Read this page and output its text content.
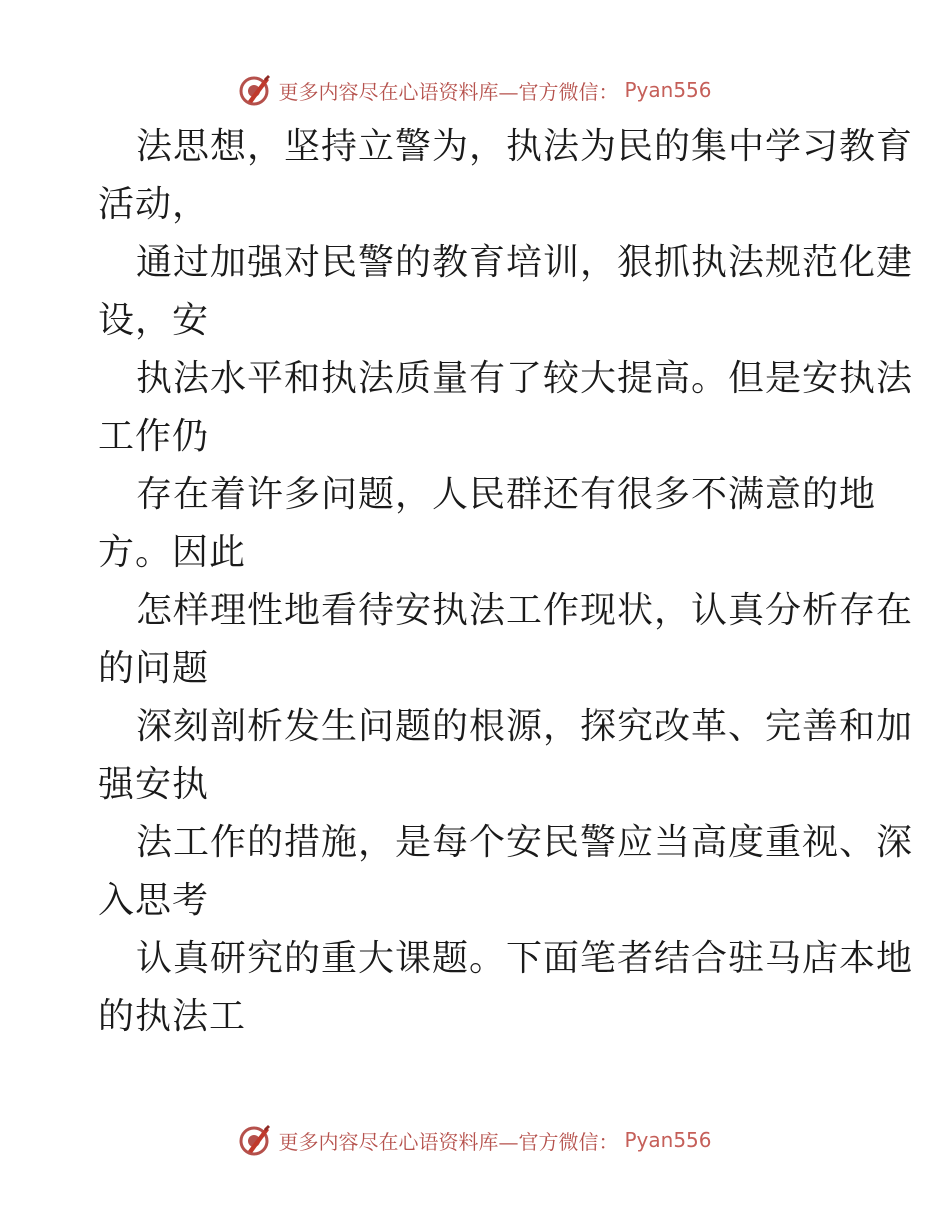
更多内容尽在心语资料库—官方微信： Pyan556
法思想，坚持立警为，执法为民的集中学习教育
活动，
通过加强对民警的教育培训，狠抓执法规范化建
设，安
执法水平和执法质量有了较大提高。但是安执法
工作仍
存在着许多问题，人民群还有很多不满意的地
方。因此
怎样理性地看待安执法工作现状，认真分析存在
的问题
深刻剖析发生问题的根源，探究改革、完善和加
强安执
法工作的措施，是每个安民警应当高度重视、深
入思考
认真研究的重大课题。下面笔者结合驻马店本地
的执法工
更多内容尽在心语资料库—官方微信： Pyan556
